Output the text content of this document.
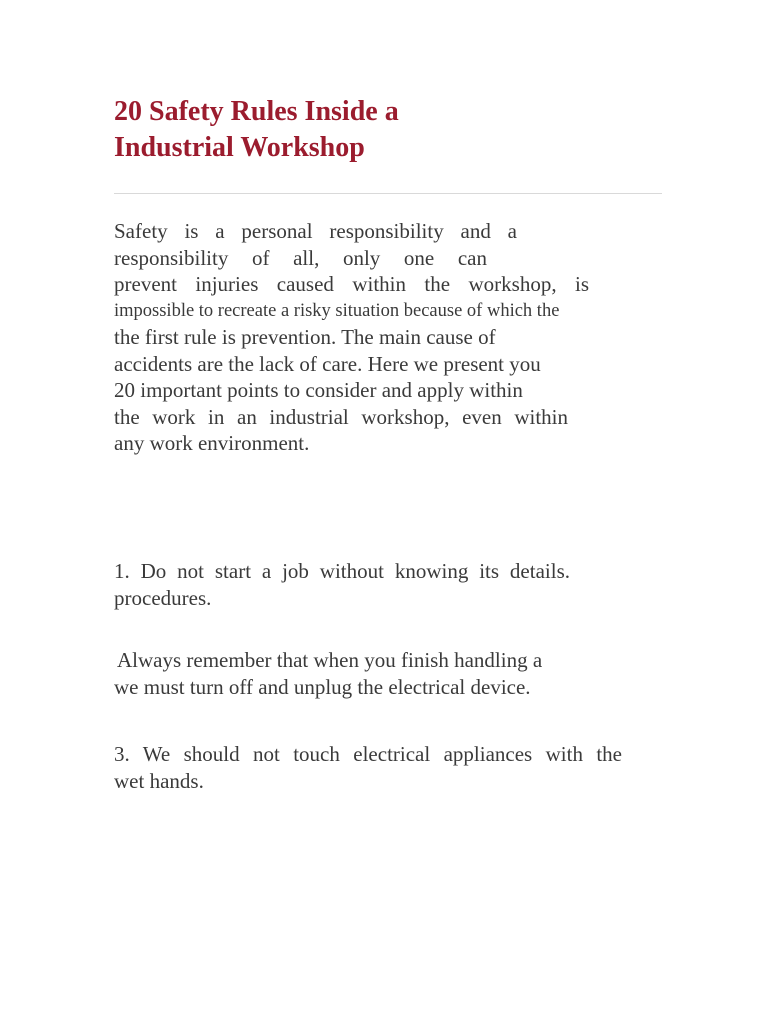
20 Safety Rules Inside a
Industrial Workshop
Safety is a personal responsibility and a
responsibility of all, only one can
prevent injuries caused within the workshop, is
impossible to recreate a risky situation because of which the
the first rule is prevention. The main cause of
accidents are the lack of care. Here we present you
20 important points to consider and apply within
the work in an industrial workshop, even within
any work environment.
1. Do not start a job without knowing its details.
procedures.
Always remember that when you finish handling a
we must turn off and unplug the electrical device.
3. We should not touch electrical appliances with the
wet hands.
